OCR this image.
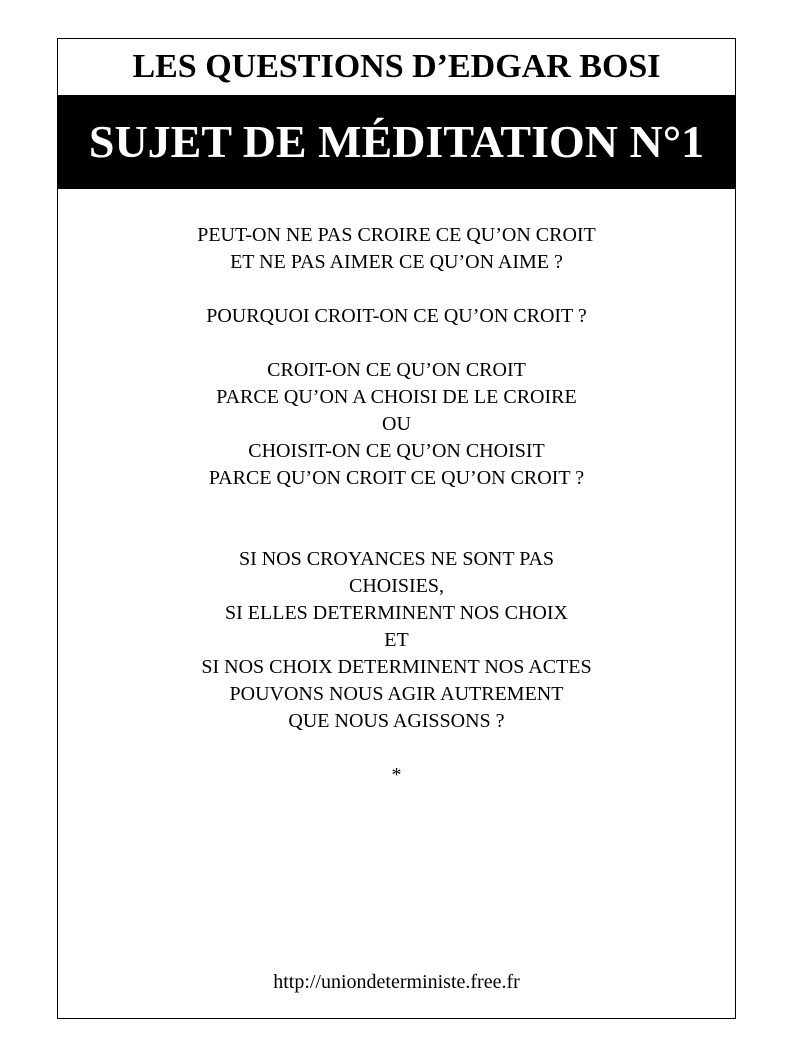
LES QUESTIONS D’EDGAR BOSI
SUJET DE MÉDITATION N°1
PEUT-ON NE PAS CROIRE CE QU’ON CROIT
ET NE PAS AIMER CE QU’ON AIME ?
POURQUOI CROIT-ON CE QU’ON CROIT ?
CROIT-ON CE QU’ON CROIT
PARCE QU’ON A CHOISI DE LE CROIRE
OU
CHOISIT-ON CE QU’ON CHOISIT
PARCE QU’ON CROIT CE QU’ON CROIT ?
SI NOS CROYANCES NE SONT PAS
CHOISIES,
SI ELLES DETERMINENT NOS CHOIX
ET
SI NOS CHOIX DETERMINENT NOS ACTES
POUVONS NOUS AGIR AUTREMENT
QUE NOUS AGISSONS ?
*
http://uniondeterministe.free.fr
